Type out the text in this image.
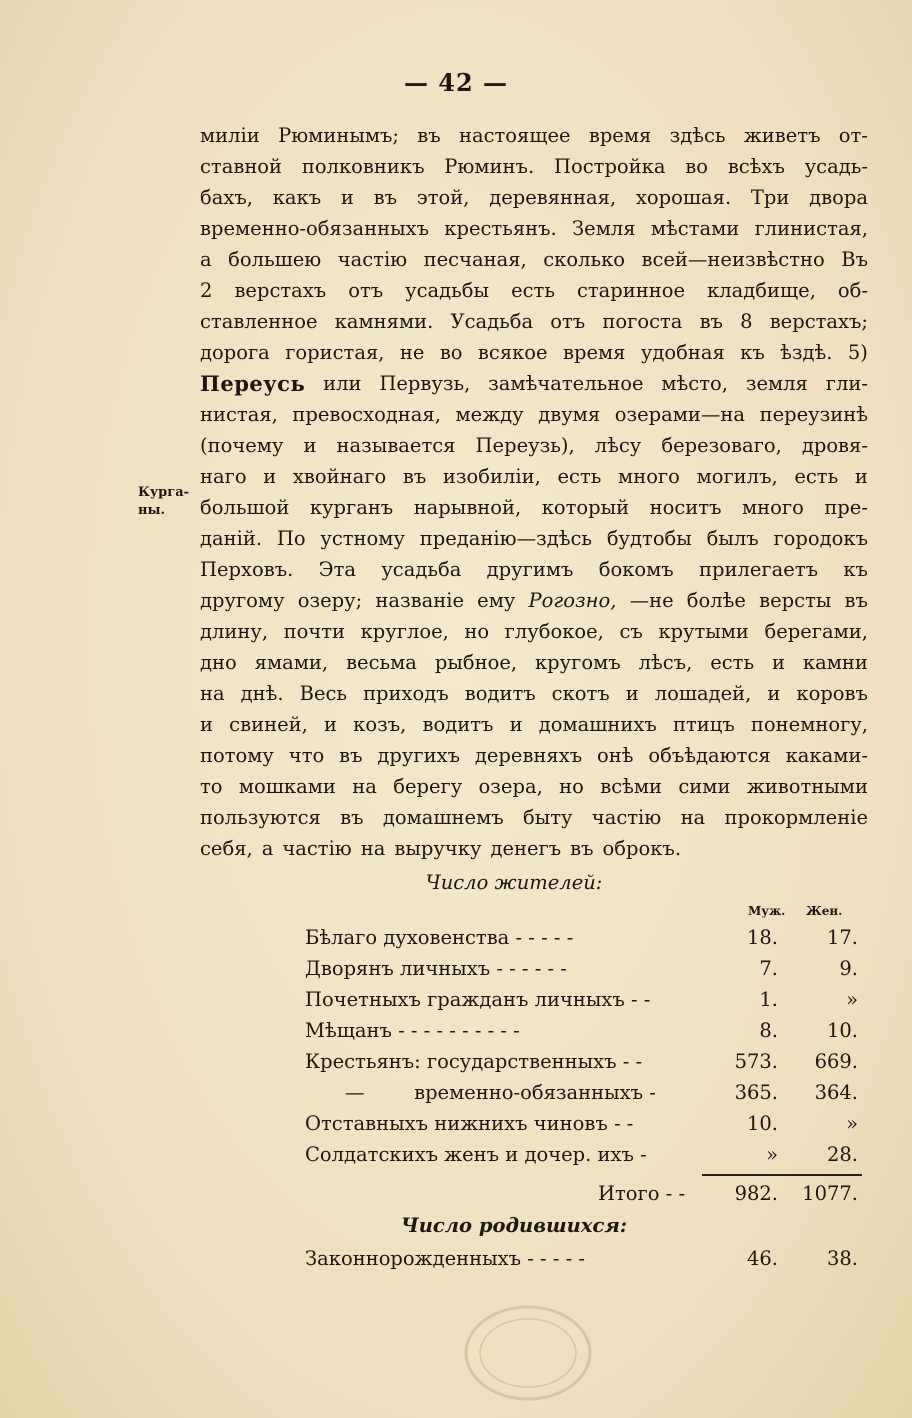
— 42 —
Курга-
ны.
миліи Рюминымъ; въ настоящее время здѣсь живетъ от-
ставной полковникъ Рюминъ. Постройка во всѣхъ усадь-
бахъ, какъ и въ этой, деревянная, хорошая. Три двора
временно-обязанныхъ крестьянъ. Земля мѣстами глинистая,
а большею частію песчаная, сколько всей—неизвѣстно Въ
2 верстахъ отъ усадьбы есть старинное кладбище, об-
ставленное камнями. Усадьба отъ погоста въ 8 верстахъ;
дорога гористая, не во всякое время удобная къ ѣздѣ. 5)
Переусь или Первузь, замѣчательное мѣсто, земля гли-
нистая, превосходная, между двумя озерами—на переузинѣ
(почему и называется Переузь), лѣсу березоваго, дровя-
наго и хвойнаго въ изобиліи, есть много могилъ, есть и
большой курганъ нарывной, который носитъ много пре-
даній. По устному преданію—здѣсь будтобы былъ городокъ
Перховъ. Эта усадьба другимъ бокомъ прилегаетъ къ
другому озеру; названіе ему Рогозно, —не болѣе версты въ
длину, почти круглое, но глубокое, съ крутыми берегами,
дно ямами, весьма рыбное, кругомъ лѣсъ, есть и камни
на днѣ. Весь приходъ водитъ скотъ и лошадей, и коровъ
и свиней, и козъ, водитъ и домашнихъ птицъ понемногу,
потому что въ другихъ деревняхъ онѣ объѣдаются каками-
то мошками на берегу озера, но всѣми сими животными
пользуются въ домашнемъ быту частію на прокормленіе
себя, а частію на выручку денегъ въ оброкъ.
Число жителей:
Муж. Жен.
Бѣлаго духовенства - - - - -	18.	17.
Дворянъ личныхъ - - - - - -	7.	9.
Почетныхъ гражданъ личныхъ - -	1.	»
Мѣщанъ - - - - - - - - - -	8.	10.
Крестьянъ: государственныхъ - -	573.	669.
—        временно-обязанныхъ -	365.	364.
Отставныхъ нижнихъ чиновъ - -	10.	»
Солдатскихъ женъ и дочер. ихъ -	»	28.
Итого - -	982.	1077.
Число родившихся:
Законнорожденныхъ - - - - -	46.	38.
